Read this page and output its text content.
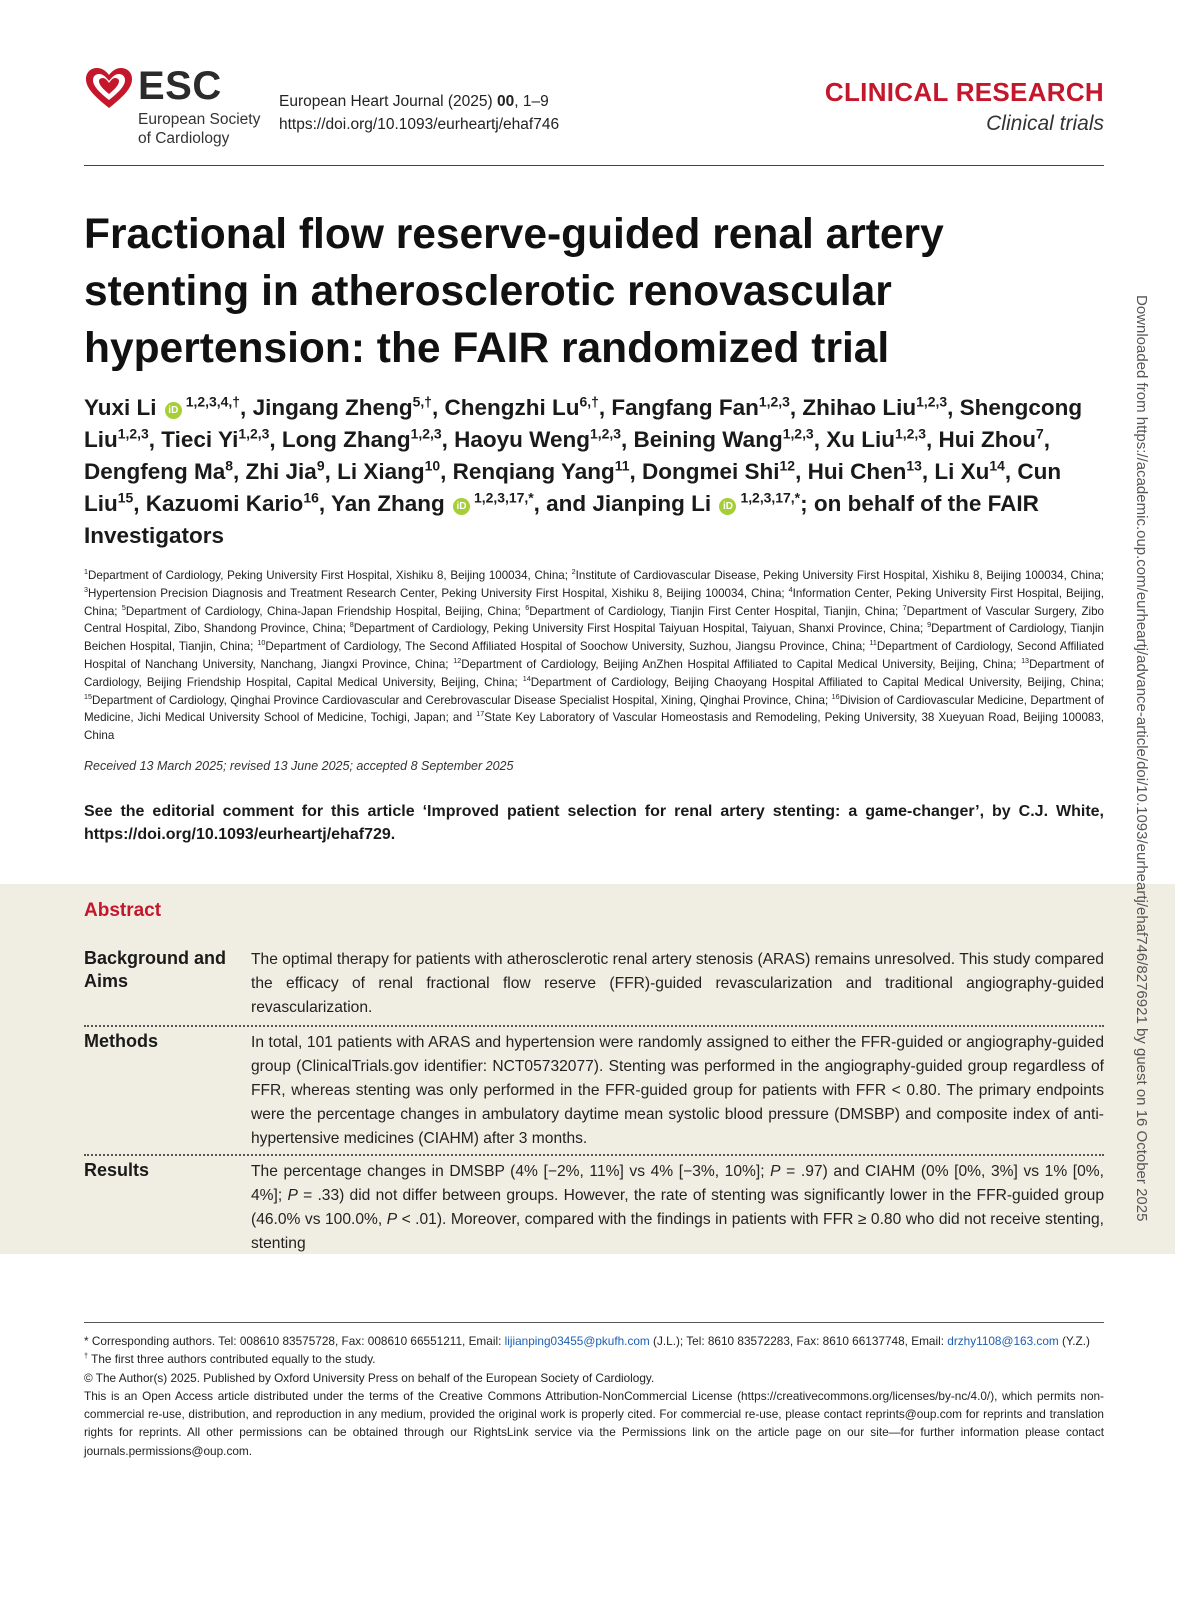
ESC
European Society
of Cardiology
European Heart Journal (2025) 00, 1–9
https://doi.org/10.1093/eurheartj/ehaf746
CLINICAL RESEARCH
Clinical trials
Fractional flow reserve-guided renal artery stenting in atherosclerotic renovascular hypertension: the FAIR randomized trial
Yuxi Li $iD^{1,2,3,4,\dagger}$, Jingang Zheng$^{5,\dagger}$, Chengzhi $Lu^{6,\dagger}$, Fangfang Fan$^{1,2,3}$, Zhihao Liu$^{1,2,3}$, Shengcong Liu$^{1,2,3}$, Tieci Yi$^{1,2,3}$, Long Zhang$^{1,2,3}$, Haoyu Weng$^{1,2,3}$, Beining Wang$^{1,2,3}$, Xu Liu$^{1,2,3}$, Hui Zhou$^7$, Dengfeng Ma$^8$, Zhi Jia$^9$, Li Xiang$^{10}$, Renqiang Yang$^{11}$, Dongmei Shi$^{12}$, Hui Chen$^{13}$, Li Xu$^{14}$, Cun Liu$^{15}$, Kazuomi Kario$^{16}$, Yan Zhang $iD^{1,2,3,17,*}$, and Jianping Li $iD^{1,2,3,17,*}$; on behalf of the FAIR Investigators
$^1$Department of Cardiology, Peking University First Hospital, Xishiku 8, Beijing 100034, China; $^2$Institute of Cardiovascular Disease, Peking University First Hospital, Xishiku 8, Beijing 100034, China; $^3$Hypertension Precision Diagnosis and Treatment Research Center, Peking University First Hospital, Xishiku 8, Beijing 100034, China; $^4$Information Center, Peking University First Hospital, Beijing, China; $^5$Department of Cardiology, China-Japan Friendship Hospital, Beijing, China; $^6$Department of Cardiology, Tianjin First Center Hospital, Tianjin, China; $^7$Department of Vascular Surgery, Zibo Central Hospital, Zibo, Shandong Province, China; $^8$Department of Cardiology, Peking University First Hospital Taiyuan Hospital, Taiyuan, Shanxi Province, China; $^9$Department of Cardiology, Tianjin Beichen Hospital, Tianjin, China; $^{10}$Department of Cardiology, The Second Affiliated Hospital of Soochow University, Suzhou, Jiangsu Province, China; $^{11}$Department of Cardiology, Second Affiliated Hospital of Nanchang University, Nanchang, Jiangxi Province, China; $^{12}$Department of Cardiology, Beijing AnZhen Hospital Affiliated to Capital Medical University, Beijing, China; $^{13}$Department of Cardiology, Beijing Friendship Hospital, Capital Medical University, Beijing, China; $^{14}$Department of Cardiology, Beijing Chaoyang Hospital Affiliated to Capital Medical University, Beijing, China; $^{15}$Department of Cardiology, Qinghai Province Cardiovascular and Cerebrovascular Disease Specialist Hospital, Xining, Qinghai Province, China; $^{16}$Division of Cardiovascular Medicine, Department of Medicine, Jichi Medical University School of Medicine, Tochigi, Japan; and $^{17}$State Key Laboratory of Vascular Homeostasis and Remodeling, Peking University, 38 Xueyuan Road, Beijing 100083, China
Received 13 March 2025; revised 13 June 2025; accepted 8 September 2025
See the editorial comment for this article ‘Improved patient selection for renal artery stenting: a game-changer’, by C.J. White, https://doi.org/10.1093/eurheartj/ehaf729.
Abstract
Background and Aims
The optimal therapy for patients with atherosclerotic renal artery stenosis (ARAS) remains unresolved. This study compared the efficacy of renal fractional flow reserve (FFR)-guided revascularization and traditional angiography-guided revascularization.
Methods	In total, 101 patients with ARAS and hypertension were randomly assigned to either the FFR-guided or angiography-guided group (ClinicalTrials.gov identifier: NCT05732077). Stenting was performed in the angiography-guided group regardless of FFR, whereas stenting was only performed in the FFR-guided group for patients with FFR < 0.80. The primary endpoints were the percentage changes in ambulatory daytime mean systolic blood pressure (DMSBP) and composite index of anti-hypertensive medicines (CIAHM) after 3 months.
Results	The percentage changes in DMSBP (4% [−2%, 11%] vs 4% [−3%, 10%]; P = .97) and CIAHM (0% [0%, 3%] vs 1% [0%, 4%]; P = .33) did not differ between groups. However, the rate of stenting was significantly lower in the FFR-guided group (46.0% vs 100.0%, P < .01). Moreover, compared with the findings in patients with FFR ≥ 0.80 who did not receive stenting, stenting
Downloaded from https://academic.oup.com/eurheartj/advance-article/doi/10.1093/eurheartj/ehaf746/8276921 by guest on 16 October 2025
* Corresponding authors. Tel: 008610 83575728, Fax: 008610 66551211, Email: lijianping03455@pkufh.com (J.L.); Tel: 8610 83572283, Fax: 8610 66137748, Email: drzhy1108@163.com (Y.Z.)
† The first three authors contributed equally to the study.
© The Author(s) 2025. Published by Oxford University Press on behalf of the European Society of Cardiology.
This is an Open Access article distributed under the terms of the Creative Commons Attribution-NonCommercial License (https://creativecommons.org/licenses/by-nc/4.0/), which permits non-commercial re-use, distribution, and reproduction in any medium, provided the original work is properly cited. For commercial re-use, please contact reprints@oup.com for reprints and translation rights for reprints. All other permissions can be obtained through our RightsLink service via the Permissions link on the article page on our site—for further information please contact journals.permissions@oup.com.
